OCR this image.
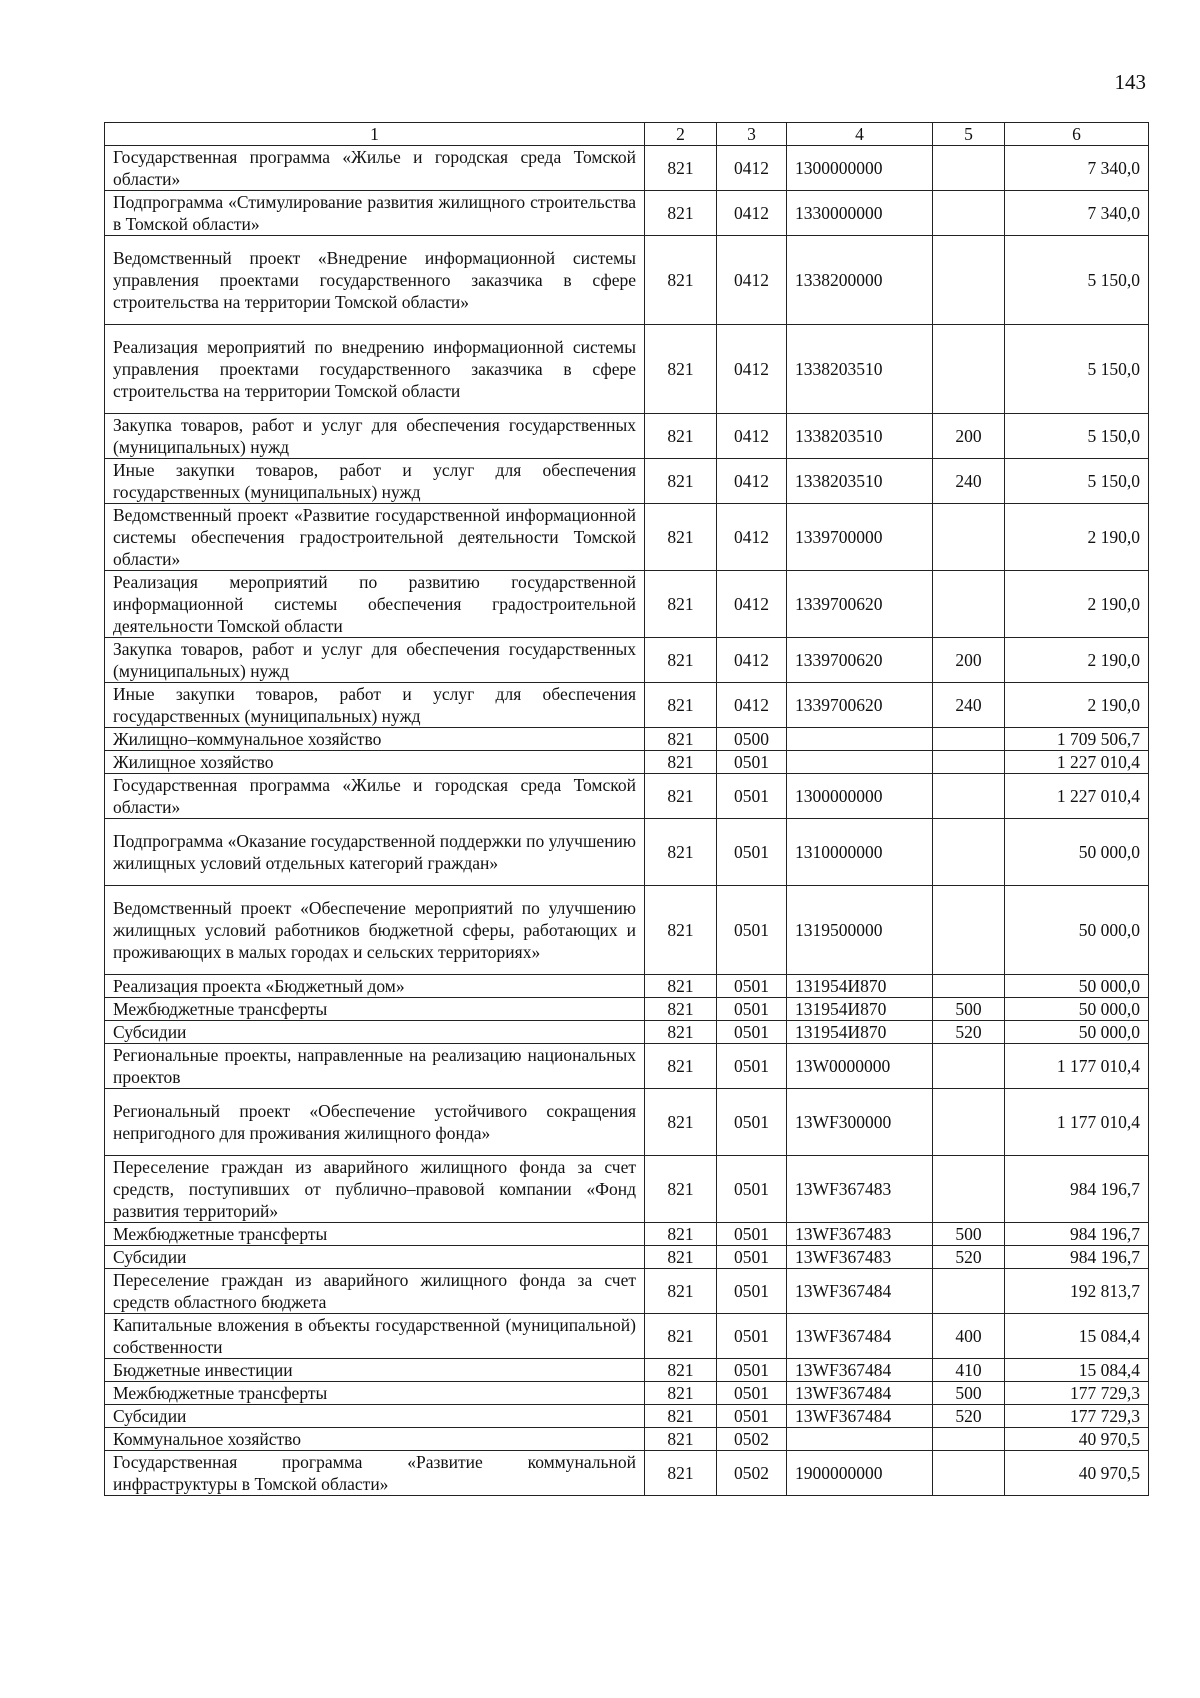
143
1	2	3	4	5	6
Государственная программа «Жилье и городская среда Томской области»	821	0412	1300000000		7 340,0
Подпрограмма «Стимулирование развития жилищного строительства в Томской области»	821	0412	1330000000		7 340,0
Ведомственный проект «Внедрение информационной системы управления проектами государственного заказчика в сфере строительства на территории Томской области»	821	0412	1338200000		5 150,0
Реализация мероприятий по внедрению информационной системы управления проектами государственного заказчика в сфере строительства на территории Томской области	821	0412	1338203510		5 150,0
Закупка товаров, работ и услуг для обеспечения государственных (муниципальных) нужд	821	0412	1338203510	200	5 150,0
Иные закупки товаров, работ и услуг для обеспечения государственных (муниципальных) нужд	821	0412	1338203510	240	5 150,0
Ведомственный проект «Развитие государственной информационной системы обеспечения градостроительной деятельности Томской области»	821	0412	1339700000		2 190,0
Реализация мероприятий по развитию государственной информационной системы обеспечения градостроительной деятельности Томской области	821	0412	1339700620		2 190,0
Закупка товаров, работ и услуг для обеспечения государственных (муниципальных) нужд	821	0412	1339700620	200	2 190,0
Иные закупки товаров, работ и услуг для обеспечения государственных (муниципальных) нужд	821	0412	1339700620	240	2 190,0
Жилищно–коммунальное хозяйство	821	0500			1 709 506,7
Жилищное хозяйство	821	0501			1 227 010,4
Государственная программа «Жилье и городская среда Томской области»	821	0501	1300000000		1 227 010,4
Подпрограмма «Оказание государственной поддержки по улучшению жилищных условий отдельных категорий граждан»	821	0501	1310000000		50 000,0
Ведомственный проект «Обеспечение мероприятий по улучшению жилищных условий работников бюджетной сферы, работающих и проживающих в малых городах и сельских территориях»	821	0501	1319500000		50 000,0
Реализация проекта «Бюджетный дом»	821	0501	131954И870		50 000,0
Межбюджетные трансферты	821	0501	131954И870	500	50 000,0
Субсидии	821	0501	131954И870	520	50 000,0
Региональные проекты, направленные на реализацию национальных проектов	821	0501	13W0000000		1 177 010,4
Региональный проект «Обеспечение устойчивого сокращения непригодного для проживания жилищного фонда»	821	0501	13WF300000		1 177 010,4
Переселение граждан из аварийного жилищного фонда за счет средств, поступивших от публично–правовой компании «Фонд развития территорий»	821	0501	13WF367483		984 196,7
Межбюджетные трансферты	821	0501	13WF367483	500	984 196,7
Субсидии	821	0501	13WF367483	520	984 196,7
Переселение граждан из аварийного жилищного фонда за счет средств областного бюджета	821	0501	13WF367484		192 813,7
Капитальные вложения в объекты государственной (муниципальной) собственности	821	0501	13WF367484	400	15 084,4
Бюджетные инвестиции	821	0501	13WF367484	410	15 084,4
Межбюджетные трансферты	821	0501	13WF367484	500	177 729,3
Субсидии	821	0501	13WF367484	520	177 729,3
Коммунальное хозяйство	821	0502			40 970,5
Государственная программа «Развитие коммунальной инфраструктуры в Томской области»	821	0502	1900000000		40 970,5
